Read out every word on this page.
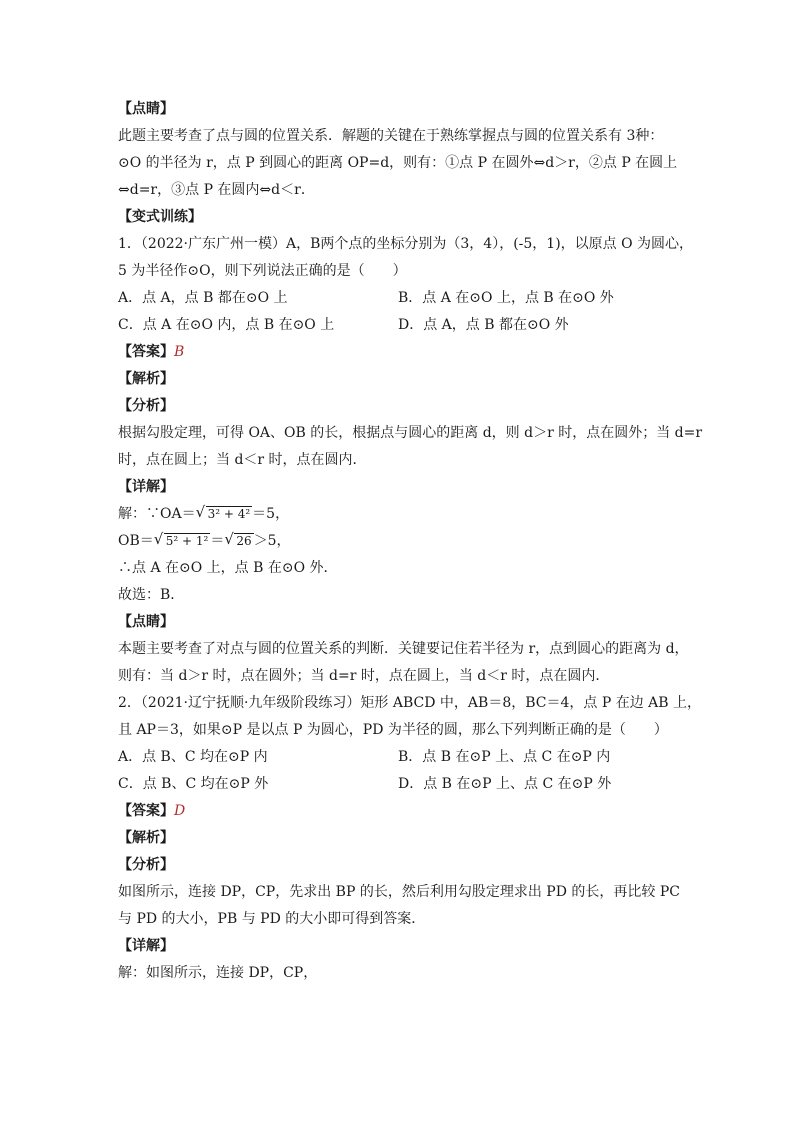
【点睛】
此题主要考查了点与圆的位置关系．解题的关键在于熟练掌握点与圆的位置关系有 3种：
⊙O 的半径为 r，点 P 到圆心的距离 OP=d，则有：①点 P 在圆外⇔d＞r，②点 P 在圆上
⇔d=r，③点 P 在圆内⇔d＜r．
【变式训练】
1．（2022·广东广州一模）A，B两个点的坐标分别为（3，4），(-5，1)，以原点 O 为圆心，
5 为半径作⊙O，则下列说法正确的是（　　）
A．点 A，点 B 都在⊙O 上	B．点 A 在⊙O 上，点 B 在⊙O 外
C．点 A 在⊙O 内，点 B 在⊙O 上	D．点 A，点 B 都在⊙O 外
【答案】B
【解析】
【分析】
根据勾股定理，可得 OA、OB 的长，根据点与圆心的距离 d，则 d＞r 时，点在圆外；当 d=r
时，点在圆上；当 d＜r 时，点在圆内．
【详解】
解：∵OA＝ √ 3² + 4² ＝5，
OB＝ √ 5² + 1² ＝ √ 26 ＞5，
∴点 A 在⊙O 上，点 B 在⊙O 外．
故选：B．
【点睛】
本题主要考查了对点与圆的位置关系的判断．关键要记住若半径为 r，点到圆心的距离为 d，
则有：当 d＞r 时，点在圆外；当 d=r 时，点在圆上，当 d＜r 时，点在圆内．
2．（2021·辽宁抚顺·九年级阶段练习）矩形 ABCD 中，AB＝8，BC＝4，点 P 在边 AB 上，
且 AP＝3，如果⊙P 是以点 P 为圆心，PD 为半径的圆，那么下列判断正确的是（　　）
A．点 B、C 均在⊙P 内	B．点 B 在⊙P 上、点 C 在⊙P 内
C．点 B、C 均在⊙P 外	D．点 B 在⊙P 上、点 C 在⊙P 外
【答案】D
【解析】
【分析】
如图所示，连接 DP，CP，先求出 BP 的长，然后利用勾股定理求出 PD 的长，再比较 PC
与 PD 的大小，PB 与 PD 的大小即可得到答案．
【详解】
解：如图所示，连接 DP，CP，
